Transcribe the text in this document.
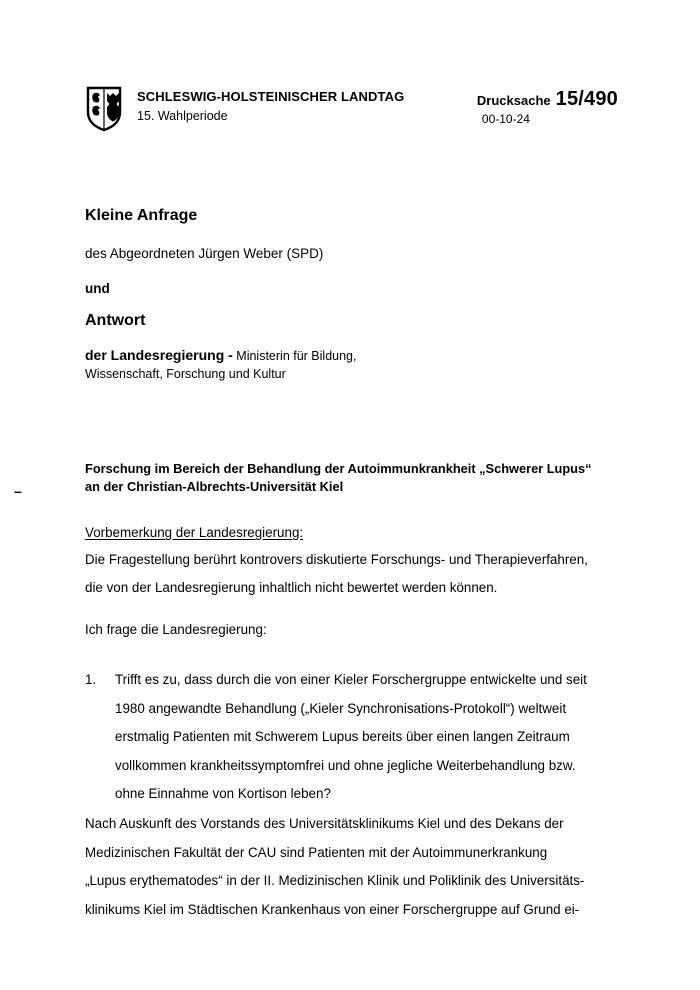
SCHLESWIG-HOLSTEINISCHER LANDTAG
15. Wahlperiode
Drucksache 15/490
00-10-24
Kleine Anfrage
des Abgeordneten Jürgen Weber (SPD)
und
Antwort
der Landesregierung - Ministerin für Bildung,
Wissenschaft, Forschung und Kultur
Forschung im Bereich der Behandlung der Autoimmunkrankheit „Schwerer Lupus“
an der Christian-Albrechts-Universität Kiel
–
Vorbemerkung der Landesregierung:
Die Fragestellung berührt kontrovers diskutierte Forschungs- und Therapieverfahren,
die von der Landesregierung inhaltlich nicht bewertet werden können.
Ich frage die Landesregierung:
1.	Trifft es zu, dass durch die von einer Kieler Forschergruppe entwickelte und seit
1980 angewandte Behandlung („Kieler Synchronisations-Protokoll“) weltweit
erstmalig Patienten mit Schwerem Lupus bereits über einen langen Zeitraum
vollkommen krankheitssymptomfrei und ohne jegliche Weiterbehandlung bzw.
ohne Einnahme von Kortison leben?
Nach Auskunft des Vorstands des Universitätsklinikums Kiel und des Dekans der
Medizinischen Fakultät der CAU sind Patienten mit der Autoimmunerkrankung
„Lupus erythematodes“ in der II. Medizinischen Klinik und Poliklinik des Universitäts-
klinikums Kiel im Städtischen Krankenhaus von einer Forschergruppe auf Grund ei-
